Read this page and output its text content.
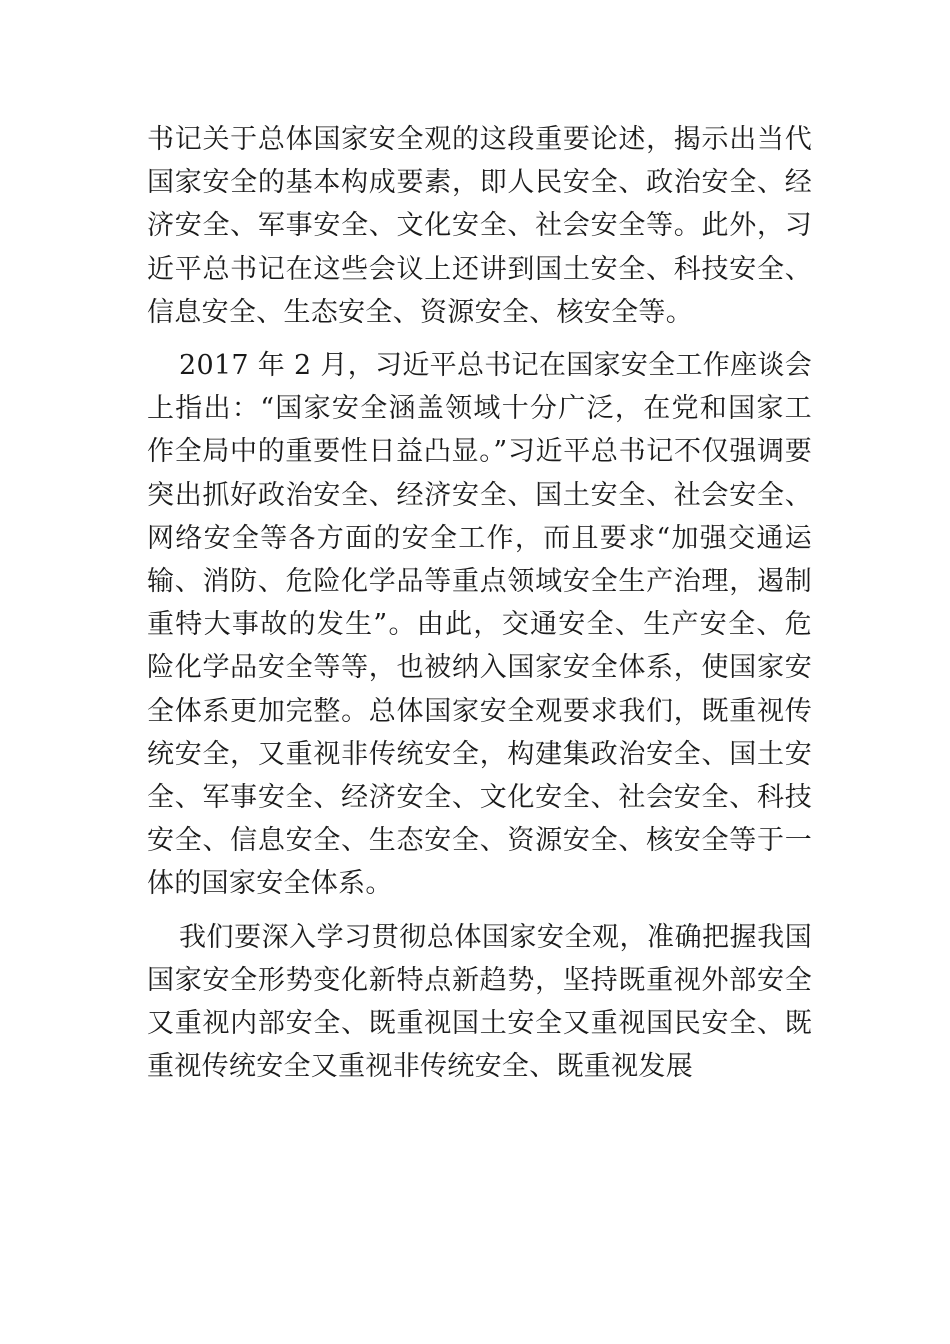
书记关于总体国家安全观的这段重要论述，揭示出当代国家安全的基本构成要素，即人民安全、政治安全、经济安全、军事安全、文化安全、社会安全等。此外，习近平总书记在这些会议上还讲到国土安全、科技安全、信息安全、生态安全、资源安全、核安全等。

2017 年 2 月，习近平总书记在国家安全工作座谈会上指出：“国家安全涵盖领域十分广泛，在党和国家工作全局中的重要性日益凸显。”习近平总书记不仅强调要突出抓好政治安全、经济安全、国土安全、社会安全、网络安全等各方面的安全工作，而且要求“加强交通运输、消防、危险化学品等重点领域安全生产治理，遏制重特大事故的发生”。由此，交通安全、生产安全、危险化学品安全等等，也被纳入国家安全体系，使国家安全体系更加完整。总体国家安全观要求我们，既重视传统安全，又重视非传统安全，构建集政治安全、国土安全、军事安全、经济安全、文化安全、社会安全、科技安全、信息安全、生态安全、资源安全、核安全等于一体的国家安全体系。

我们要深入学习贯彻总体国家安全观，准确把握我国国家安全形势变化新特点新趋势，坚持既重视外部安全又重视内部安全、既重视国土安全又重视国民安全、既重视传统安全又重视非传统安全、既重视发展
